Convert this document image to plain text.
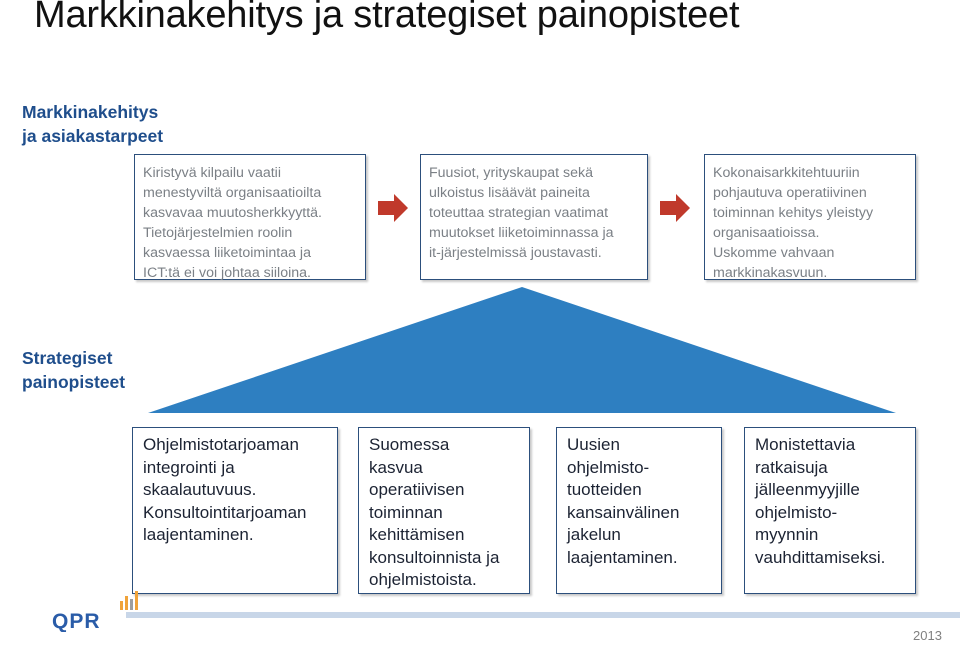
Markkinakehitys ja strategiset painopisteet
Markkinakehitys
ja asiakastarpeet
Kiristyvä kilpailu vaatii
menestyviltä organisaatioilta
kasvavaa muutosherkkyyttä.
Tietojärjestelmien roolin
kasvaessa liiketoimintaa ja
ICT:tä ei voi johtaa siiloina.
Fuusiot, yrityskaupat sekä
ulkoistus lisäävät paineita
toteuttaa strategian vaatimat
muutokset liiketoiminnassa ja
it-järjestelmissä joustavasti.
Kokonaisarkkitehtuuriin
pohjautuva operatiivinen
toiminnan kehitys yleistyy
organisaatioissa.
Uskomme vahvaan
markkinakasvuun.
Strategiset
painopisteet
Ohjelmistotarjoaman
integrointi ja
skaalautuvuus.
Konsultointitarjoaman
laajentaminen.
Suomessa
kasvua
operatiivisen
toiminnan
kehittämisen
konsultoinnista ja
ohjelmistoista.
Uusien
ohjelmisto-
tuotteiden
kansainvälinen
jakelun
laajentaminen.
Monistettavia
ratkaisuja
jälleenmyyjille
ohjelmisto-
myynnin
vauhdittamiseksi.
QPR
2013
